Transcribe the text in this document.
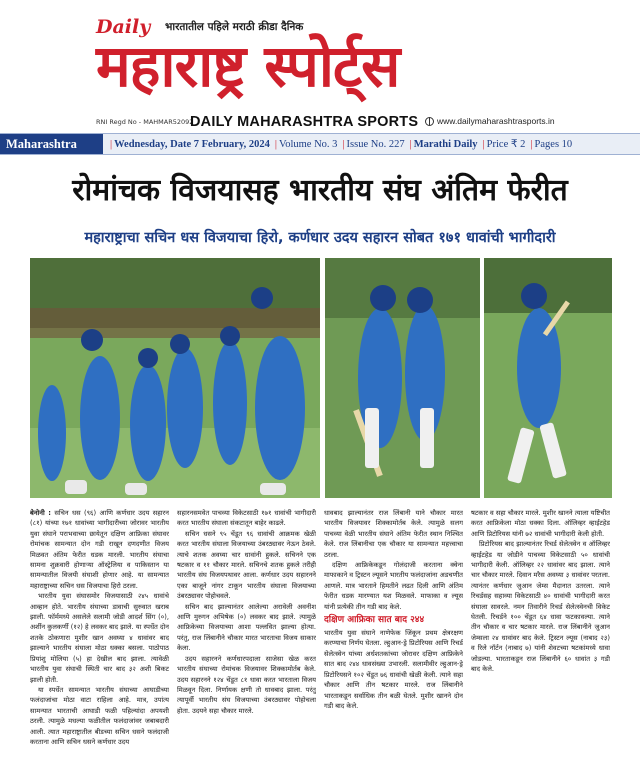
Daily भारतातील पहिले मराठी क्रीडा दैनिक
महाराष्ट्र स्पोर्ट्स
RNI Regd No - MAHMAR52092
DAILY MAHARASHTRA SPORTS www.dailymaharashtrasports.in
Maharashtra	| Wednesday, Date 7 February, 2024 | Volume No. 3 | Issue No. 227 | Marathi Daily | Price ₹ 2 | Pages 10
रोमांचक विजयासह भारतीय संघ अंतिम फेरीत
महाराष्ट्राचा सचिन धस विजयाचा हिरो, कर्णधार उदय सहारन सोबत १७१ धावांची भागीदारी

बेनोनी : सचिन धस (९६) आणि कर्णधार उदय सहारन (८१) यांच्या १७१ धावांच्या भागीदारीच्या जोरावर भारतीय युवा संघाने पराभवाच्या छायेतून दक्षिण आफ्रिका संघावर रोमांचक सामन्यात दोन गडी राखून दणदणीत विजय मिळवत अंतिम फेरीत धडक मारली. भारतीय संघाचा सामना शुक्रवारी होणाऱ्या ऑस्ट्रेलिया व पाकिस्तान या सामन्यातील विजयी संघाशी होणार आहे. या सामन्यात महाराष्ट्राच्या सचिन धस विजयाचा हिरो ठरला.

भारतीय युवा संघासमोर विजयासाठी २४५ धावांचे आव्हान होते. भारतीय संघाच्या डावाची सुरुवात खराब झाली. फॉर्ममध्ये असलेले सलामी जोडी आदर्श सिंग (०), अर्शीन कुलकर्णी (१२) हे लवकर बाद झाले. या स्पर्धेत दोन शतके ठोकणारा मुशीर खान अवघ्या ४ धावांवर बाद झाल्याने भारतीय संघाला मोठा धक्का बसला. पाठोपाठ प्रियांशु मोलिया (५) हा देखील बाद झाला. त्यावेळी भारतीय युवा संघाची स्थिती चार बाद ३२ अशी बिकट झाली होती.

या स्पर्धेत सामन्यात भारतीय संघाच्या आघाडीच्या फलंदाजांचा मोठा वाटा राहिला आहे. मात्र, उपांत्य सामन्यात भारताची आघाडी फळी पहिल्यांदा अपयशी ठरली. त्यामुळे मधल्या फळीतील फलंदाजांवर जबाबदारी आली. त्यात महाराष्ट्रातील बीडच्या सचिन धसने फलंदाजी करताना आणि सचिन धसने कर्णधार उदय

सहारनसमवेत पाचव्या विकेटसाठी १७१ धावांची भागीदारी करत भारतीय संघाला संकटातून बाहेर काढले.

सचिन धसने ९५ चेंडूत ९६ धावांची आक्रमक खेळी करत भारतीय संघाला विजयाच्या उंबरठ्यावर नेऊन ठेवले. त्याचे शतक अवघ्या चार धावांनी हुकले. सचिनने एक षटकार व ११ चौकार मारले. सचिनचे शतक हुकले तरीही भारतीय संघ विजयपथावर आला. कर्णधार उदय सहारनने एका बाजूने नांगर टाकून भारतीय संघाला विजयाच्या उंबरठ्यावर पोहोचवले.

सचिन बाद झाल्यानंतर आलेल्या अरावेली अवनीश आणि मुरुगन अभिषेक (०) लवकर बाद झाले. त्यामुळे आफ्रिकेच्या विजयाच्या आशा पल्लवित झाल्या होत्या. परंतु, राज लिंबानीने चौकार मारत भारताचा विजय साकार केला.

उदय सहारनने कर्णधारपदाला साजेसा खेळ करत भारतीय संघाच्या रोमांचक विजयावर शिक्कामोर्तब केले. उदय सहारनने १२४ चेंडूत ८१ धावा करत भारताला विजय मिळवून दिला. निर्णायक क्षणी तो धावबाद झाला. परंतु त्यापूर्वी भारतीय संघ विजयाच्या उंबरठ्यावर पोहोचला होता. उदयने सहा चौकार मारले.

धावबाद झाल्यानंतर राज लिंबानी याने चौकार मारत भारतीय विजयावर शिक्कामोर्तब केले. त्यामुळे सलग पाचव्या वेळी भारतीय संघाने अंतिम फेरीत स्थान निश्चित केले. राज लिंबानीचा एक चौकार या सामन्यात महत्त्वाचा ठरला.

दक्षिण आफ्रिकेकडून गोलंदाजी करताना क्वेना माफाकाने व ट्रिस्टन ल्यूसने भारतीय फलंदाजांना अडचणीत आणले. मात्र भारताने हिमतीने लढत दिली आणि अंतिम फेरीत धडक मारण्यात यश मिळवले. माफाका व ल्यूस यांनी प्रत्येकी तीन गडी बाद केले.

दक्षिण आफ्रिका सात बाद २४४

भारतीय युवा संघाने नाणेफेक जिंकून प्रथम क्षेत्ररक्षण करण्याचा निर्णय घेतला. ल्हुआन-ड्रे प्रिटोरियस आणि रिचर्ड सेलेत्स्वेन यांच्या अर्धशतकांच्या जोरावर दक्षिण आफ्रिकेने सात बाद २४४ धावसंख्या उभारली. सलामीवीर ल्हुआन-ड्रे प्रिटोरियसने १०२ चेंडूत ७६ धावांची खेळी केली. त्याने सहा चौकार आणि तीन षटकार मारले. राज लिंबानीने भारताकडून सर्वाधिक तीन बळी घेतले. मुशीर खानने दोन गडी बाद केले.

षटकार व सहा चौकार मारले. मुशीर खानने त्याला यष्टिचीत करत आफ्रिकेला मोठा धक्का दिला. ऑलिव्हर व्हाईटहेड आणि प्रिटोरियस यांनी ७२ धावांची भागीदारी केली होती.

प्रिटोरियस बाद झाल्यानंतर रिचर्ड सेलेत्स्वेन व ऑलिव्हर व्हाईटहेड या जोडीने पाचव्या विकेटसाठी ५० धावांची भागीदारी केली. ऑलिव्हर २२ धावांवर बाद झाला. त्याने चार चौकार मारले. दिवान मरैस अवघ्या ३ धावांवर परतला. त्यानंतर कर्णधार जुआन जेम्स मैदानात उतरला. त्याने रिचर्डसह सहाव्या विकेटसाठी ४० धावांची भागीदारी करत संघाला सावरले. नमन तिवारीने रिचर्ड सेलेत्स्वेनची विकेट घेतली. रिचर्डने १०० चेंडूत ६४ धावा फटकावल्या. त्याने तीन चौकार व चार षटकार मारले. राज लिंबानीने जुआन जेम्सला २४ धावांवर बाद केले. ट्रिस्टन ल्यूस (नाबाद २३) व रिले नॉर्टन (नाबाद ७) यांनी शेवटच्या षटकांमध्ये धावा जोडल्या. भारताकडून राज लिंबानीने ६० धावांत ३ गडी बाद केले.
